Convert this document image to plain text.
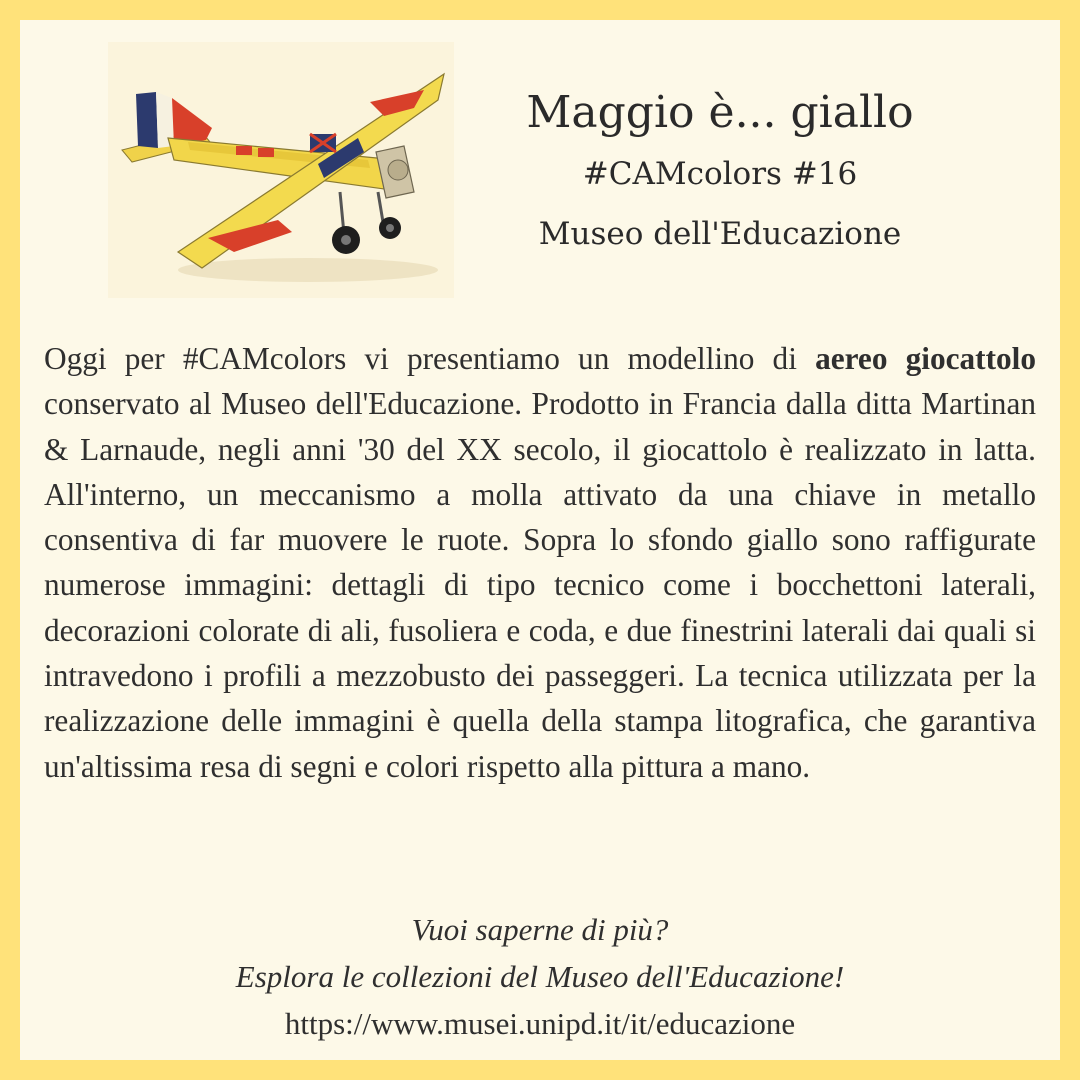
Maggio è... giallo
#CAMcolors #16
Museo dell'Educazione
Oggi per #CAMcolors vi presentiamo un modellino di aereo giocattolo conservato al Museo dell'Educazione. Prodotto in Francia dalla ditta Martinan & Larnaude, negli anni '30 del XX secolo, il giocattolo è realizzato in latta. All'interno, un meccanismo a molla attivato da una chiave in metallo consentiva di far muovere le ruote. Sopra lo sfondo giallo sono raffigurate numerose immagini: dettagli di tipo tecnico come i bocchettoni laterali, decorazioni colorate di ali, fusoliera e coda, e due finestrini laterali dai quali si intravedono i profili a mezzobusto dei passeggeri. La tecnica utilizzata per la realizzazione delle immagini è quella della stampa litografica, che garantiva un'altissima resa di segni e colori rispetto alla pittura a mano.
Vuoi saperne di più?
Esplora le collezioni del Museo dell'Educazione!
https://www.musei.unipd.it/it/educazione
